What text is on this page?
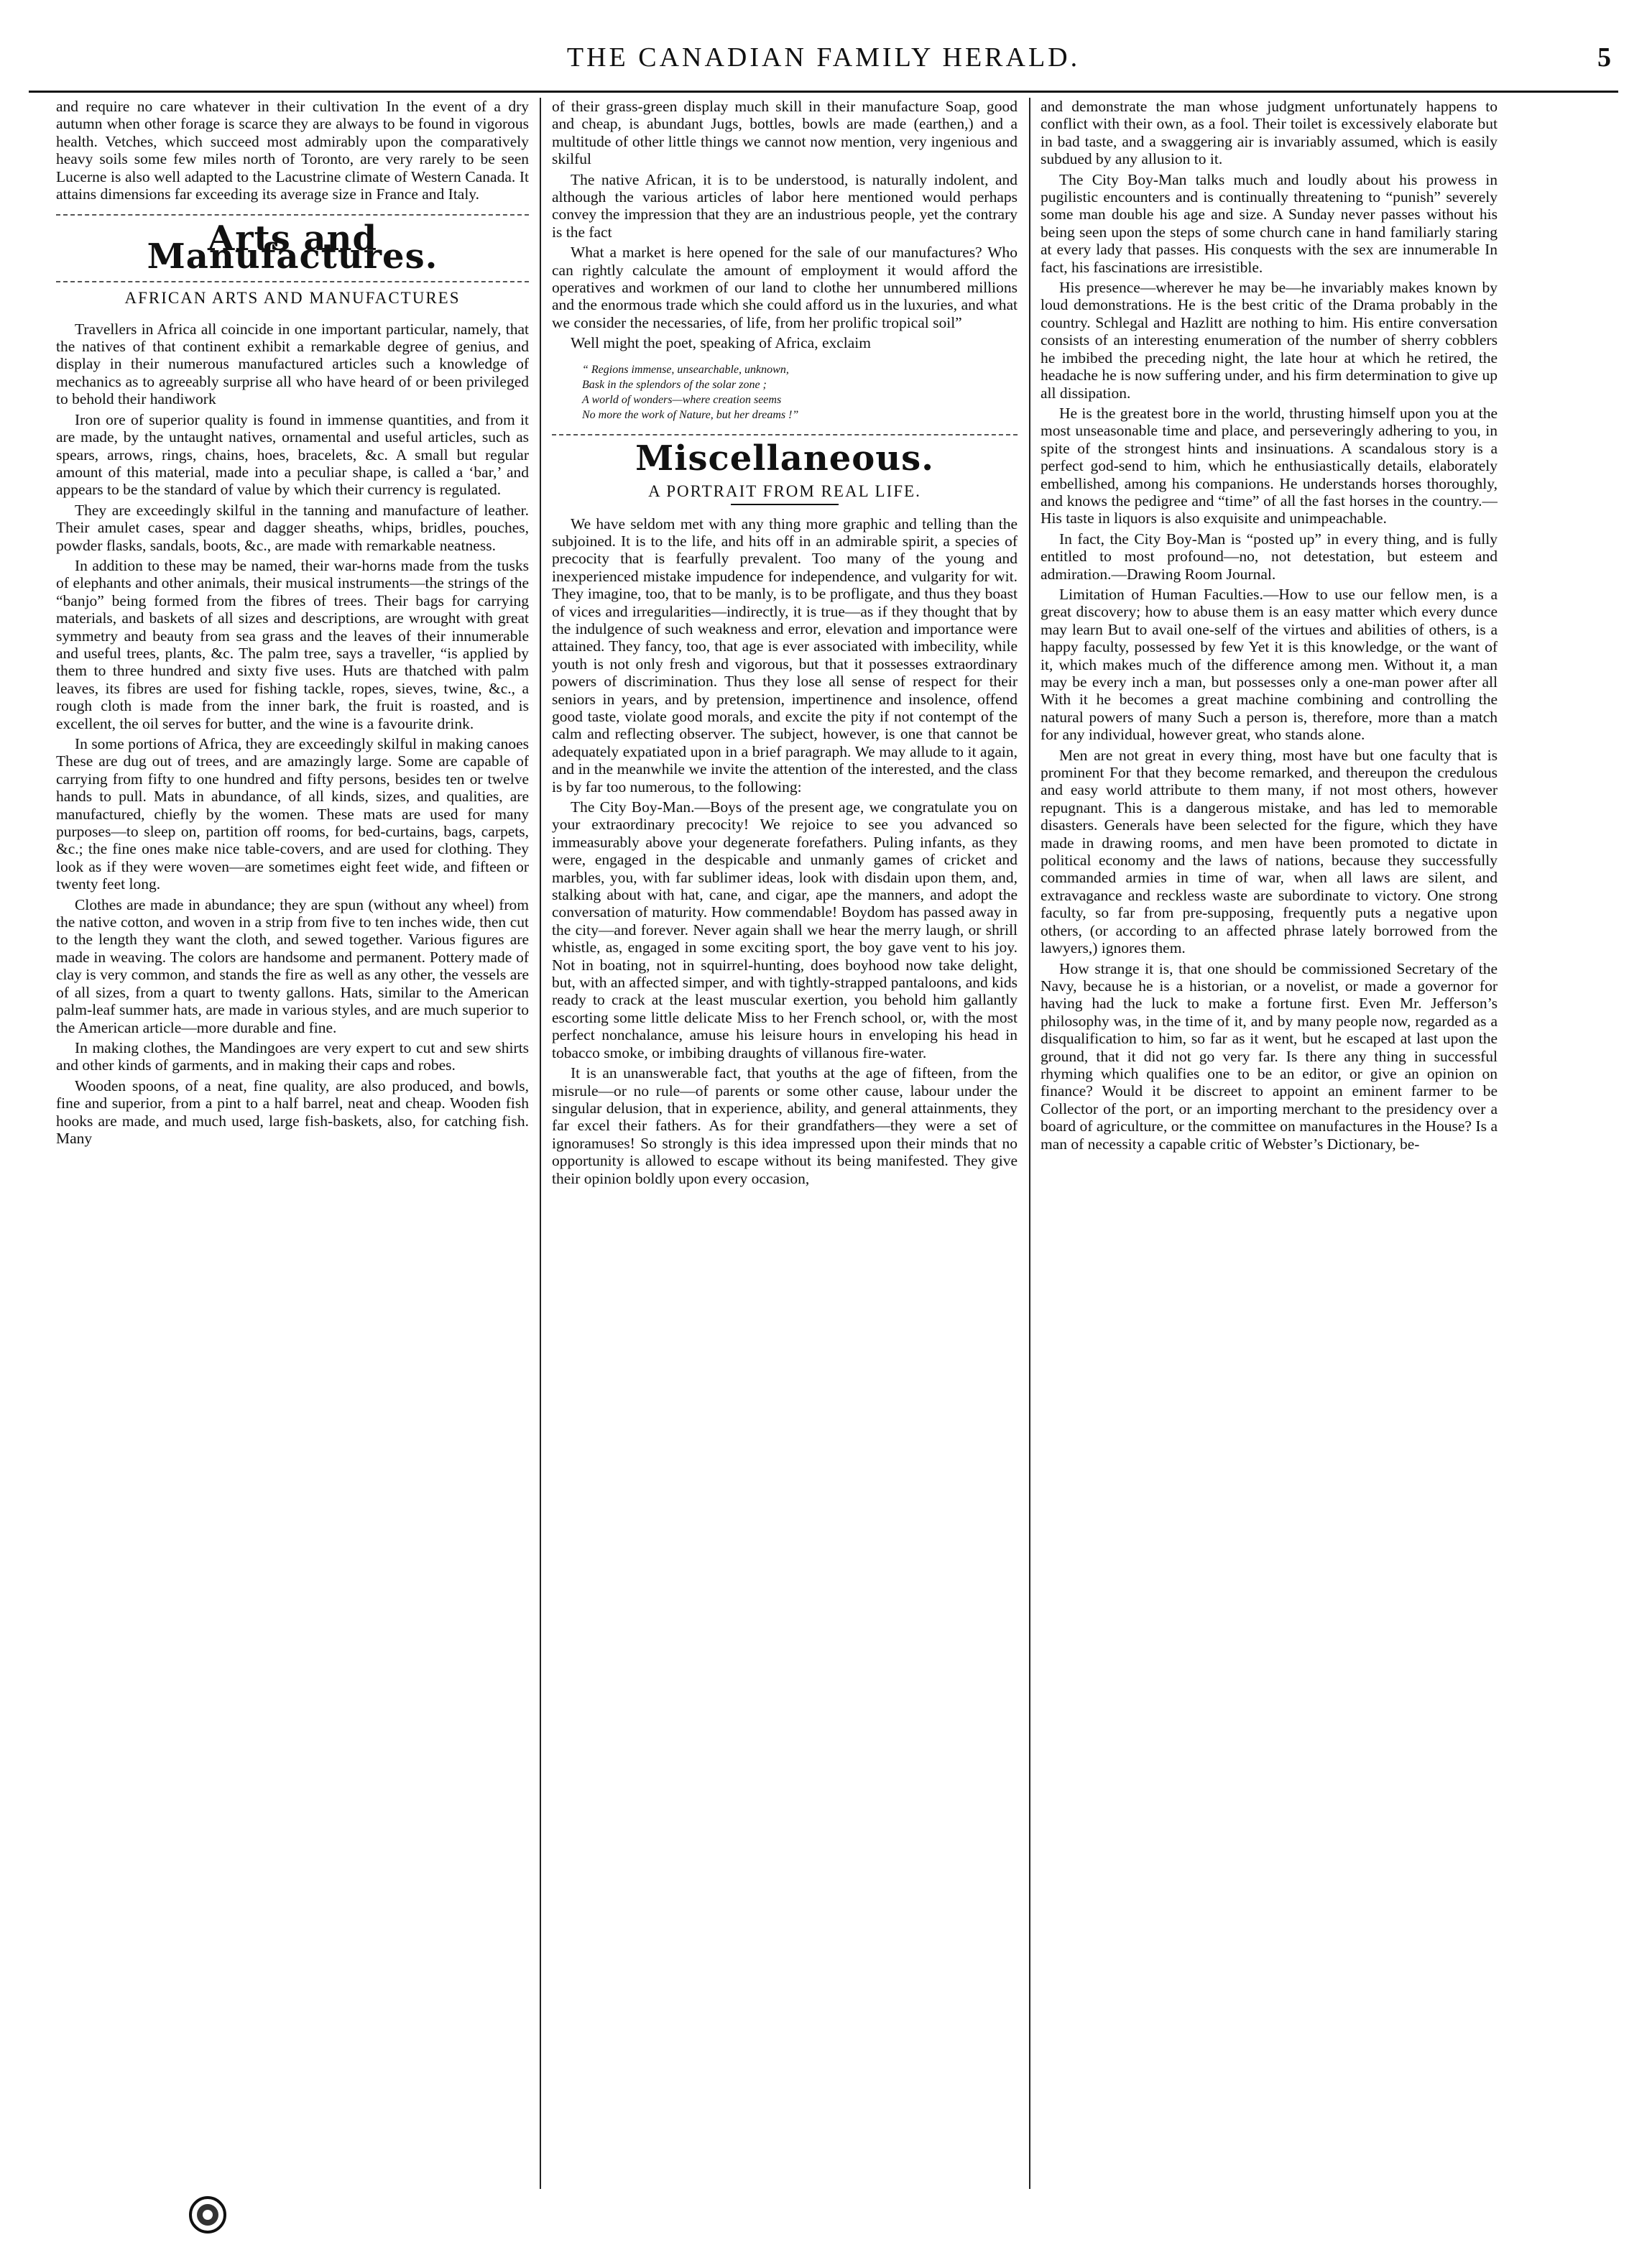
THE CANADIAN FAMILY HERALD.	5

and require no care whatever in their cultivation In the event of a dry autumn when other forage is scarce they are always to be found in vigorous health. Vetches, which succeed most admirably upon the comparatively heavy soils some few miles north of Toronto, are very rarely to be seen Lucerne is also well adapted to the Lacustrine climate of Western Canada. It attains dimensions far exceeding its average size in France and Italy.

Arts and Manufactures.
AFRICAN ARTS AND MANUFACTURES

Travellers in Africa all coincide in one important particular, namely, that the natives of that continent exhibit a remarkable degree of genius, and display in their numerous manufactured articles such a knowledge of mechanics as to agreeably surprise all who have heard of or been privileged to behold their handiwork

Iron ore of superior quality is found in immense quantities, and from it are made, by the untaught natives, ornamental and useful articles, such as spears, arrows, rings, chains, hoes, bracelets, &c. A small but regular amount of this material, made into a peculiar shape, is called a ‘bar,’ and appears to be the standard of value by which their currency is regulated.

They are exceedingly skilful in the tanning and manufacture of leather. Their amulet cases, spear and dagger sheaths, whips, bridles, pouches, powder flasks, sandals, boots, &c., are made with remarkable neatness.

In addition to these may be named, their war-horns made from the tusks of elephants and other animals, their musical instruments—the strings of the “banjo” being formed from the fibres of trees. Their bags for carrying materials, and baskets of all sizes and descriptions, are wrought with great symmetry and beauty from sea grass and the leaves of their innumerable and useful trees, plants, &c. The palm tree, says a traveller, “is applied by them to three hundred and sixty five uses. Huts are thatched with palm leaves, its fibres are used for fishing tackle, ropes, sieves, twine, &c., a rough cloth is made from the inner bark, the fruit is roasted, and is excellent, the oil serves for butter, and the wine is a favourite drink.

In some portions of Africa, they are exceedingly skilful in making canoes These are dug out of trees, and are amazingly large. Some are capable of carrying from fifty to one hundred and fifty persons, besides ten or twelve hands to pull. Mats in abundance, of all kinds, sizes, and qualities, are manufactured, chiefly by the women. These mats are used for many purposes—to sleep on, partition off rooms, for bed-curtains, bags, carpets, &c.; the fine ones make nice table-covers, and are used for clothing. They look as if they were woven—are sometimes eight feet wide, and fifteen or twenty feet long.

Clothes are made in abundance; they are spun (without any wheel) from the native cotton, and woven in a strip from five to ten inches wide, then cut to the length they want the cloth, and sewed together. Various figures are made in weaving. The colors are handsome and permanent. Pottery made of clay is very common, and stands the fire as well as any other, the vessels are of all sizes, from a quart to twenty gallons. Hats, similar to the American palm-leaf summer hats, are made in various styles, and are much superior to the American article—more durable and fine.

In making clothes, the Mandingoes are very expert to cut and sew shirts and other kinds of garments, and in making their caps and robes.

Wooden spoons, of a neat, fine quality, are also produced, and bowls, fine and superior, from a pint to a half barrel, neat and cheap. Wooden fish hooks are made, and much used, large fish-baskets, also, for catching fish. Many

of their grass-green display much skill in their manufacture Soap, good and cheap, is abundant Jugs, bottles, bowls are made (earthen,) and a multitude of other little things we cannot now mention, very ingenious and skilful

The native African, it is to be understood, is naturally indolent, and although the various articles of labor here mentioned would perhaps convey the impression that they are an industrious people, yet the contrary is the fact

What a market is here opened for the sale of our manufactures? Who can rightly calculate the amount of employment it would afford the operatives and workmen of our land to clothe her unnumbered millions and the enormous trade which she could afford us in the luxuries, and what we consider the necessaries, of life, from her prolific tropical soil”

Well might the poet, speaking of Africa, exclaim

“ Regions immense, unsearchable, unknown,
Bask in the splendors of the solar zone ;
A world of wonders—where creation seems
No more the work of Nature, but her dreams !”
Miscellaneous.
A PORTRAIT FROM REAL LIFE.

We have seldom met with any thing more graphic and telling than the subjoined. It is to the life, and hits off in an admirable spirit, a species of precocity that is fearfully prevalent. Too many of the young and inexperienced mistake impudence for independence, and vulgarity for wit. They imagine, too, that to be manly, is to be profligate, and thus they boast of vices and irregularities—indirectly, it is true—as if they thought that by the indulgence of such weakness and error, elevation and importance were attained. They fancy, too, that age is ever associated with imbecility, while youth is not only fresh and vigorous, but that it possesses extraordinary powers of discrimination. Thus they lose all sense of respect for their seniors in years, and by pretension, impertinence and insolence, offend good taste, violate good morals, and excite the pity if not contempt of the calm and reflecting observer. The subject, however, is one that cannot be adequately expatiated upon in a brief paragraph. We may allude to it again, and in the meanwhile we invite the attention of the interested, and the class is by far too numerous, to the following:

The City Boy-Man.—Boys of the present age, we congratulate you on your extraordinary precocity! We rejoice to see you advanced so immeasurably above your degenerate forefathers. Puling infants, as they were, engaged in the despicable and unmanly games of cricket and marbles, you, with far sublimer ideas, look with disdain upon them, and, stalking about with hat, cane, and cigar, ape the manners, and adopt the conversation of maturity. How commendable! Boydom has passed away in the city—and forever. Never again shall we hear the merry laugh, or shrill whistle, as, engaged in some exciting sport, the boy gave vent to his joy. Not in boating, not in squirrel-hunting, does boyhood now take delight, but, with an affected simper, and with tightly-strapped pantaloons, and kids ready to crack at the least muscular exertion, you behold him gallantly escorting some little delicate Miss to her French school, or, with the most perfect nonchalance, amuse his leisure hours in enveloping his head in tobacco smoke, or imbibing draughts of villanous fire-water.

It is an unanswerable fact, that youths at the age of fifteen, from the misrule—or no rule—of parents or some other cause, labour under the singular delusion, that in experience, ability, and general attainments, they far excel their fathers. As for their grandfathers—they were a set of ignoramuses! So strongly is this idea impressed upon their minds that no opportunity is allowed to escape without its being manifested. They give their opinion boldly upon every occasion,

and demonstrate the man whose judgment unfortunately happens to conflict with their own, as a fool. Their toilet is excessively elaborate but in bad taste, and a swaggering air is invariably assumed, which is easily subdued by any allusion to it.

The City Boy-Man talks much and loudly about his prowess in pugilistic encounters and is continually threatening to “punish” severely some man double his age and size. A Sunday never passes without his being seen upon the steps of some church cane in hand familiarly staring at every lady that passes. His conquests with the sex are innumerable In fact, his fascinations are irresistible.

His presence—wherever he may be—he invariably makes known by loud demonstrations. He is the best critic of the Drama probably in the country. Schlegal and Hazlitt are nothing to him. His entire conversation consists of an interesting enumeration of the number of sherry cobblers he imbibed the preceding night, the late hour at which he retired, the headache he is now suffering under, and his firm determination to give up all dissipation.

He is the greatest bore in the world, thrusting himself upon you at the most unseasonable time and place, and perseveringly adhering to you, in spite of the strongest hints and insinuations. A scandalous story is a perfect god-send to him, which he enthusiastically details, elaborately embellished, among his companions. He understands horses thoroughly, and knows the pedigree and “time” of all the fast horses in the country.—His taste in liquors is also exquisite and unimpeachable.

In fact, the City Boy-Man is “posted up” in every thing, and is fully entitled to most profound—no, not detestation, but esteem and admiration.—Drawing Room Journal.

Limitation of Human Faculties.—How to use our fellow men, is a great discovery; how to abuse them is an easy matter which every dunce may learn But to avail one-self of the virtues and abilities of others, is a happy faculty, possessed by few Yet it is this knowledge, or the want of it, which makes much of the difference among men. Without it, a man may be every inch a man, but possesses only a one-man power after all With it he becomes a great machine combining and controlling the natural powers of many Such a person is, therefore, more than a match for any individual, however great, who stands alone.

Men are not great in every thing, most have but one faculty that is prominent For that they become remarked, and thereupon the credulous and easy world attribute to them many, if not most others, however repugnant. This is a dangerous mistake, and has led to memorable disasters. Generals have been selected for the figure, which they have made in drawing rooms, and men have been promoted to dictate in political economy and the laws of nations, because they successfully commanded armies in time of war, when all laws are silent, and extravagance and reckless waste are subordinate to victory. One strong faculty, so far from pre-supposing, frequently puts a negative upon others, (or according to an affected phrase lately borrowed from the lawyers,) ignores them.

How strange it is, that one should be commissioned Secretary of the Navy, because he is a historian, or a novelist, or made a governor for having had the luck to make a fortune first. Even Mr. Jefferson’s philosophy was, in the time of it, and by many people now, regarded as a disqualification to him, so far as it went, but he escaped at last upon the ground, that it did not go very far. Is there any thing in successful rhyming which qualifies one to be an editor, or give an opinion on finance? Would it be discreet to appoint an eminent farmer to be Collector of the port, or an importing merchant to the presidency over a board of agriculture, or the committee on manufactures in the House? Is a man of necessity a capable critic of Webster’s Dictionary, be-
